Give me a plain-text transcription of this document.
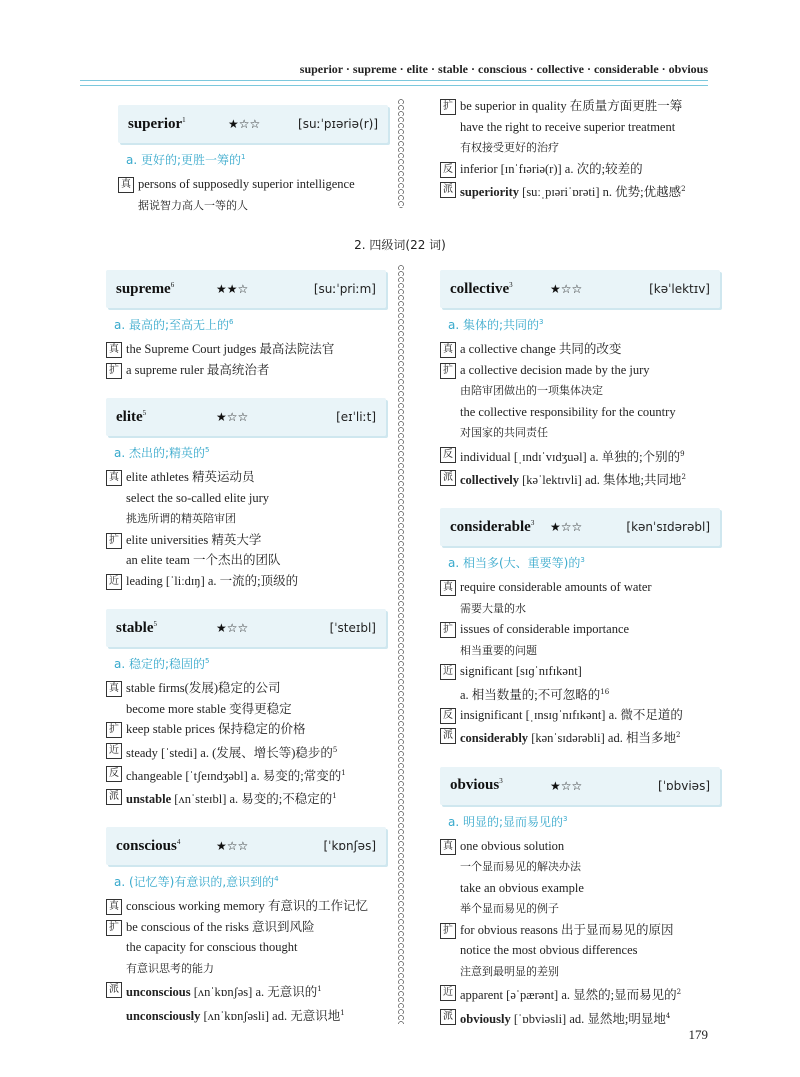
superior · supreme · elite · stable · conscious · collective · considerable · obvious
superior$^1$	★☆☆	[suːˈpɪəriə(r)]
a. 更好的;更胜一筹的$^1$
真 persons of supposedly superior intelligence
据说智力高人一等的人
扩 be superior in quality 在质量方面更胜一筹
have the right to receive superior treatment
有权接受更好的治疗
反 inferior [ɪnˈfɪəriə(r)] a. 次的;较差的
派 superiority [suːˌpɪəriˈɒrəti] n. 优势;优越感$^2$
2. 四级词(22 词)
supreme$^6$	★★☆	[suːˈpriːm]
a. 最高的;至高无上的$^6$
真 the Supreme Court judges 最高法院法官
扩 a supreme ruler 最高统治者
elite$^5$	★☆☆	[eɪˈliːt]
a. 杰出的;精英的$^5$
真 elite athletes 精英运动员
select the so-called elite jury
挑选所谓的精英陪审团
扩 elite universities 精英大学
an elite team 一个杰出的团队
近 leading [ˈliːdɪŋ] a. 一流的;顶级的
stable$^5$	★☆☆	[ˈsteɪbl]
a. 稳定的;稳固的$^5$
真 stable firms(发展)稳定的公司
become more stable 变得更稳定
扩 keep stable prices 保持稳定的价格
近 steady [ˈstedi] a. (发展、增长等)稳步的$^5$
反 changeable [ˈtʃeɪndʒəbl] a. 易变的;常变的$^1$
派 unstable [ʌnˈsteɪbl] a. 易变的;不稳定的$^1$
conscious$^4$	★☆☆	[ˈkɒnʃəs]
a. (记忆等)有意识的,意识到的$^4$
真 conscious working memory 有意识的工作记忆
扩 be conscious of the risks 意识到风险
the capacity for conscious thought
有意识思考的能力
派 unconscious [ʌnˈkɒnʃəs] a. 无意识的$^1$
unconsciously [ʌnˈkɒnʃəsli] ad. 无意识地$^1$
collective$^3$	★☆☆	[kəˈlektɪv]
a. 集体的;共同的$^3$
真 a collective change 共同的改变
扩 a collective decision made by the jury
由陪审团做出的一项集体决定
the collective responsibility for the country
对国家的共同责任
反 individual [ˌɪndɪˈvɪdʒuəl] a. 单独的;个别的$^9$
派 collectively [kəˈlektɪvli] ad. 集体地;共同地$^2$
considerable$^3$	★☆☆	[kənˈsɪdərəbl]
a. 相当多(大、重要等)的$^3$
真 require considerable amounts of water
需要大量的水
扩 issues of considerable importance
相当重要的问题
近 significant [sɪɡˈnɪfɪkənt]
a. 相当数量的;不可忽略的$^{16}$
反 insignificant [ˌɪnsɪɡˈnɪfɪkənt] a. 微不足道的
派 considerably [kənˈsɪdərəbli] ad. 相当多地$^2$
obvious$^3$	★☆☆	[ˈɒbviəs]
a. 明显的;显而易见的$^3$
真 one obvious solution
一个显而易见的解决办法
take an obvious example
举个显而易见的例子
扩 for obvious reasons 出于显而易见的原因
notice the most obvious differences
注意到最明显的差别
近 apparent [əˈpærənt] a. 显然的;显而易见的$^2$
派 obviously [ˈɒbviəsli] ad. 显然地;明显地$^4$
179
